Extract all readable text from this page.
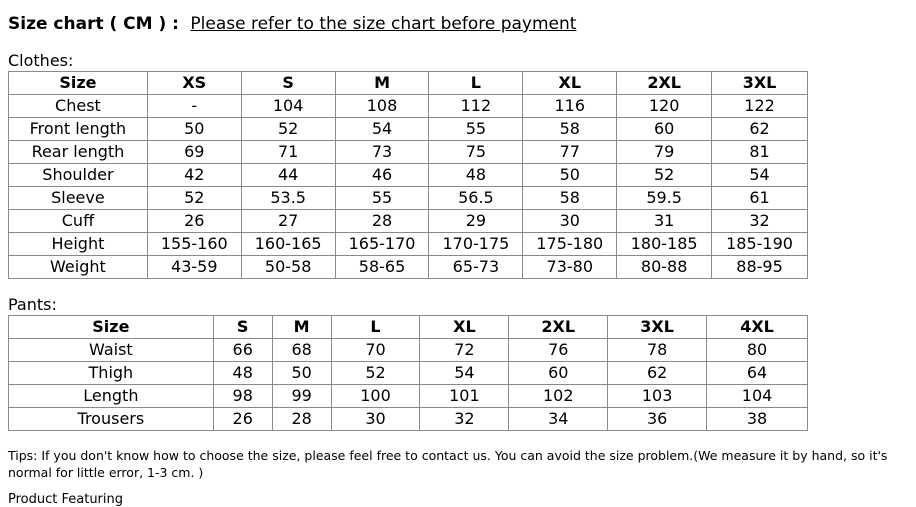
Size chart ( CM ) : Please refer to the size chart before payment
Clothes:
Size	XS	S	M	L	XL	2XL	3XL
Chest	-	104	108	112	116	120	122
Front length	50	52	54	55	58	60	62
Rear length	69	71	73	75	77	79	81
Shoulder	42	44	46	48	50	52	54
Sleeve	52	53.5	55	56.5	58	59.5	61
Cuff	26	27	28	29	30	31	32
Height	155-160	160-165	165-170	170-175	175-180	180-185	185-190
Weight	43-59	50-58	58-65	65-73	73-80	80-88	88-95
Pants:
Size	S	M	L	XL	2XL	3XL	4XL
Waist	66	68	70	72	76	78	80
Thigh	48	50	52	54	60	62	64
Length	98	99	100	101	102	103	104
Trousers	26	28	30	32	34	36	38
Tips: If you don't know how to choose the size, please feel free to contact us. You can avoid the size problem.(We measure it by hand, so it's normal for little error, 1-3 cm. )
Product Featuring
